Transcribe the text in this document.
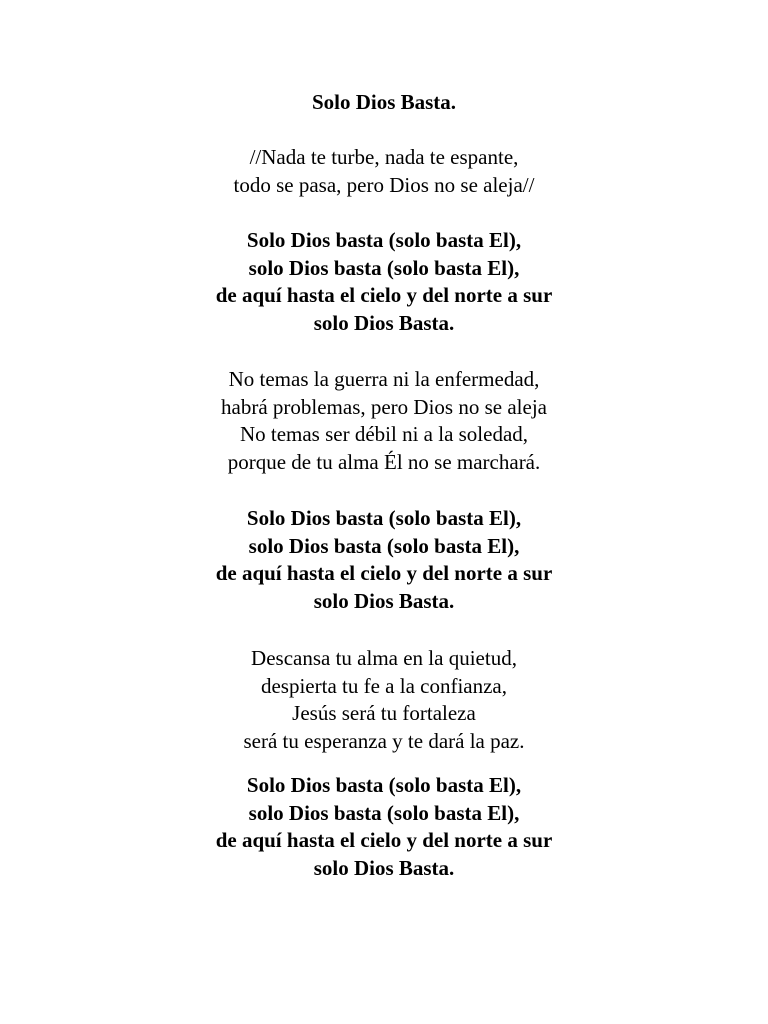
Solo Dios Basta.
//Nada te turbe, nada te espante,
todo se pasa, pero Dios no se aleja//
Solo Dios basta (solo basta El),
solo Dios basta (solo basta El),
de aquí hasta el cielo y del norte a sur
solo Dios Basta.
No temas la guerra ni la enfermedad,
habrá problemas, pero Dios no se aleja
No temas ser débil ni a la soledad,
porque de tu alma Él no se marchará.
Solo Dios basta (solo basta El),
solo Dios basta (solo basta El),
de aquí hasta el cielo y del norte a sur
solo Dios Basta.
Descansa tu alma en la quietud,
despierta tu fe a la confianza,
Jesús será tu fortaleza
será tu esperanza y te dará la paz.
Solo Dios basta (solo basta El),
solo Dios basta (solo basta El),
de aquí hasta el cielo y del norte a sur
solo Dios Basta.
